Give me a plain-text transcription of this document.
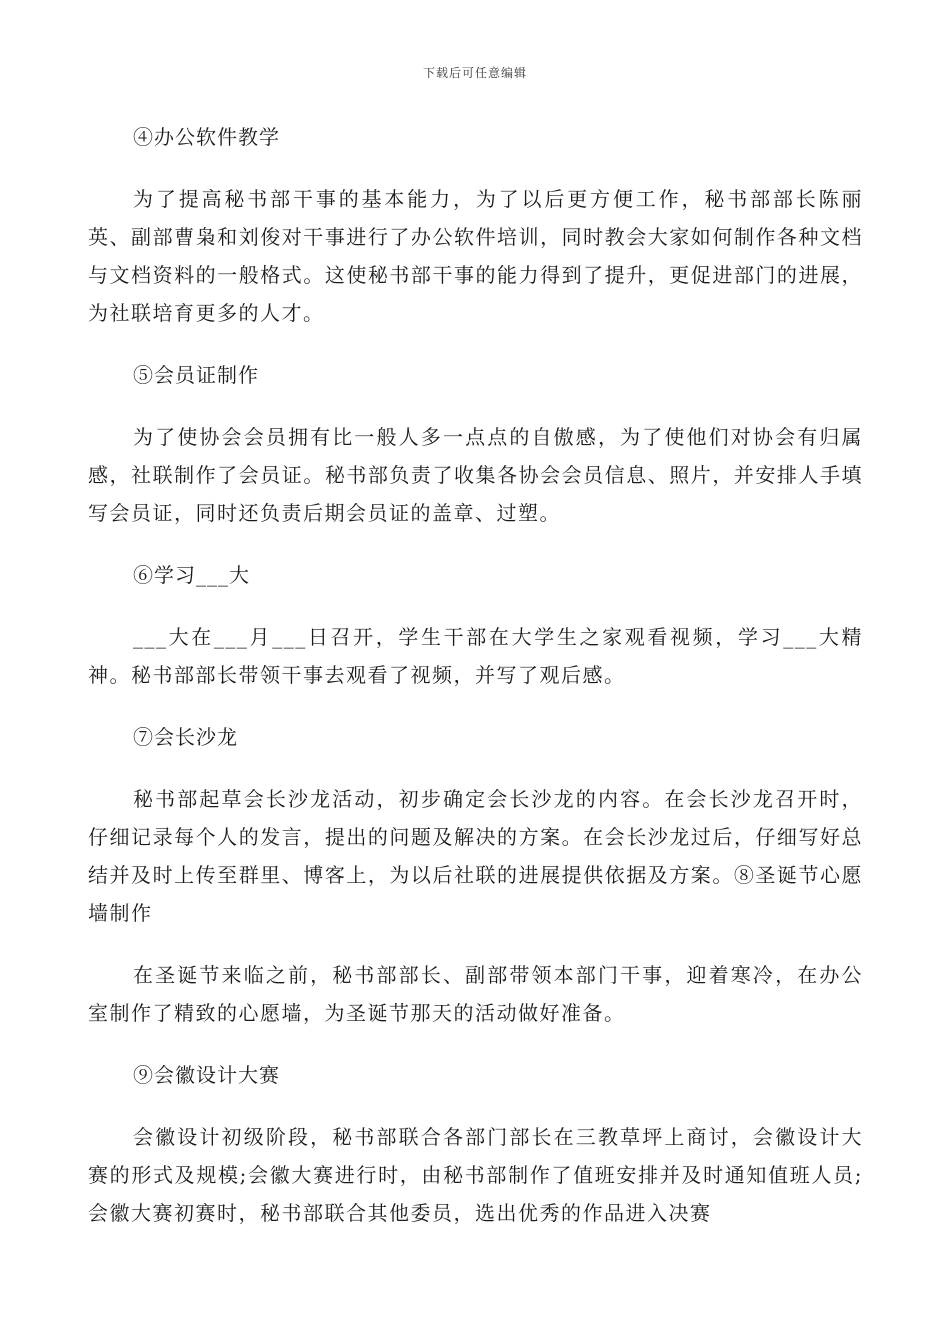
下载后可任意编辑

④办公软件教学

为了提高秘书部干事的基本能力，为了以后更方便工作，秘书部部长陈丽英、副部曹枭和刘俊对干事进行了办公软件培训，同时教会大家如何制作各种文档与文档资料的一般格式。这使秘书部干事的能力得到了提升，更促进部门的进展，为社联培育更多的人才。

⑤会员证制作

为了使协会会员拥有比一般人多一点点的自傲感，为了使他们对协会有归属感，社联制作了会员证。秘书部负责了收集各协会会员信息、照片，并安排人手填写会员证，同时还负责后期会员证的盖章、过塑。

⑥学习___大

___大在___月___日召开，学生干部在大学生之家观看视频，学习___大精神。秘书部部长带领干事去观看了视频，并写了观后感。

⑦会长沙龙

秘书部起草会长沙龙活动，初步确定会长沙龙的内容。在会长沙龙召开时，仔细记录每个人的发言，提出的问题及解决的方案。在会长沙龙过后，仔细写好总结并及时上传至群里、博客上，为以后社联的进展提供依据及方案。⑧圣诞节心愿墙制作

在圣诞节来临之前，秘书部部长、副部带领本部门干事，迎着寒冷，在办公室制作了精致的心愿墙，为圣诞节那天的活动做好准备。

⑨会徽设计大赛

会徽设计初级阶段，秘书部联合各部门部长在三教草坪上商讨，会徽设计大赛的形式及规模;会徽大赛进行时，由秘书部制作了值班安排并及时通知值班人员;会徽大赛初赛时，秘书部联合其他委员，选出优秀的作品进入决赛
